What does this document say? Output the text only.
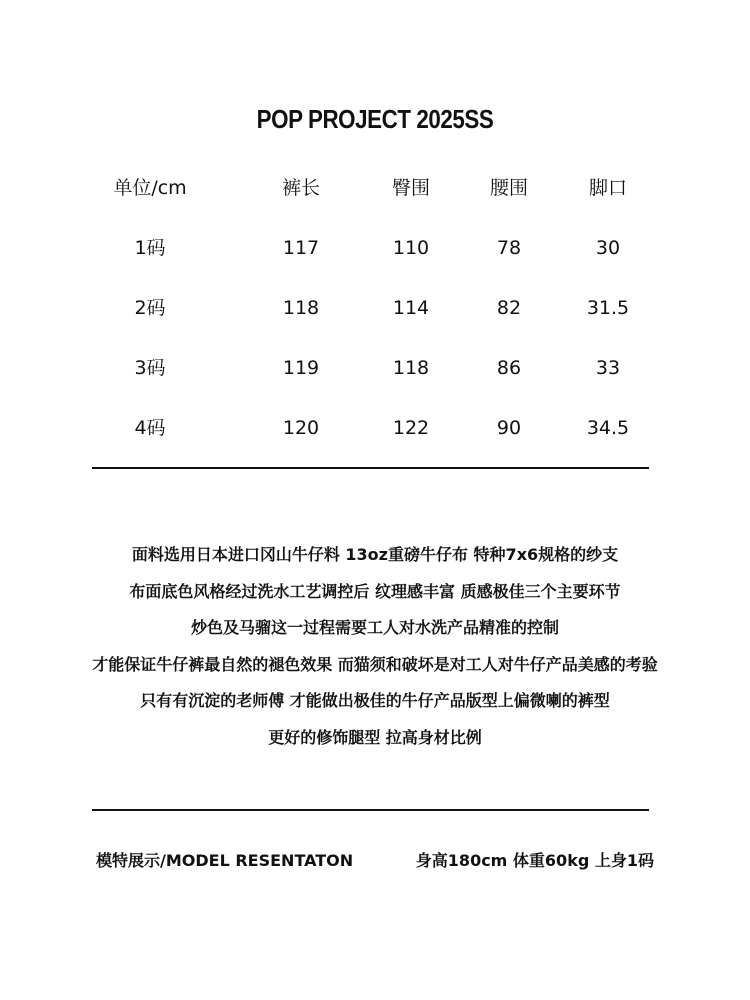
POP PROJECT 2025SS
单位/cm	裤长	臀围	腰围	脚口
1码	117	110	78	30
2码	118	114	82	31.5
3码	119	118	86	33
4码	120	122	90	34.5
面料选用日本进口冈山牛仔料 13oz重磅牛仔布 特种7x6规格的纱支
布面底色风格经过洗水工艺调控后 纹理感丰富 质感极佳三个主要环节
炒色及马骝这一过程需要工人对水洗产品精准的控制
才能保证牛仔裤最自然的褪色效果 而猫须和破坏是对工人对牛仔产品美感的考验
只有有沉淀的老师傅 才能做出极佳的牛仔产品版型上偏微喇的裤型
更好的修饰腿型 拉高身材比例
模特展示/MODEL RESENTATON	身高180cm 体重60kg 上身1码
